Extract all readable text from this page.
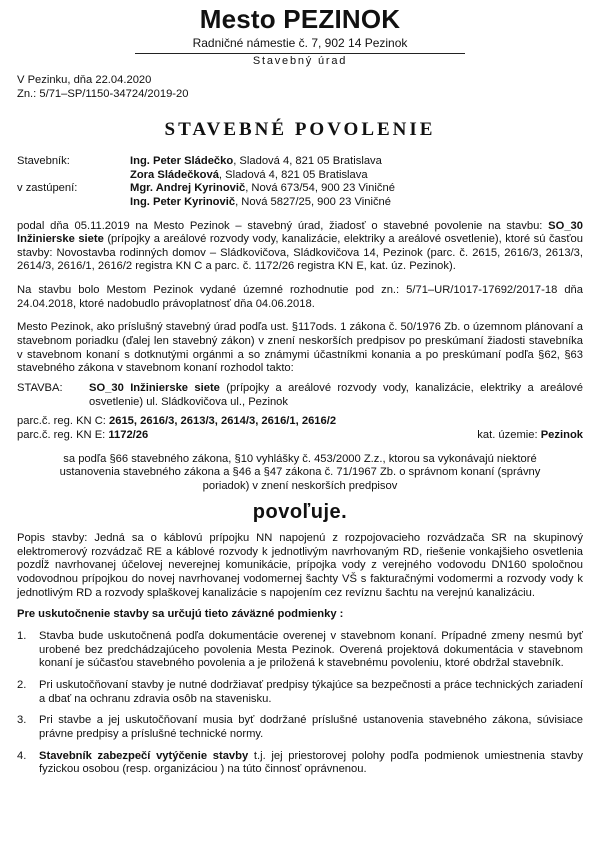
Mesto PEZINOK
Radničné námestie č. 7, 902 14 Pezinok
Stavebný úrad
V Pezinku, dňa 22.04.2020
Zn.: 5/71–SP/1150-34724/2019-20
STAVEBNÉ POVOLENIE
Stavebník:	Ing. Peter Sládečko, Sladová 4, 821 05 Bratislava
Zora Sládečková, Sladová 4, 821 05 Bratislava
v zastúpení:	Mgr. Andrej Kyrinovič, Nová 673/54, 900 23 Viničné
Ing. Peter Kyrinovič, Nová 5827/25, 900 23 Viničné
podal dňa 05.11.2019 na Mesto Pezinok – stavebný úrad, žiadosť o stavebné povolenie na stavbu: SO_30 Inžinierske siete (prípojky a areálové rozvody vody, kanalizácie, elektriky a areálové osvetlenie), ktoré sú časťou stavby: Novostavba rodinných domov – Sládkovičova, Sládkovičova 14, Pezinok (parc. č. 2615, 2616/3, 2613/3, 2614/3, 2616/1, 2616/2 registra KN C a parc. č. 1172/26 registra KN E, kat. úz. Pezinok).
Na stavbu bolo Mestom Pezinok vydané územné rozhodnutie pod zn.: 5/71–UR/1017-17692/2017-18 dňa 24.04.2018, ktoré nadobudlo právoplatnosť dňa 04.06.2018.
Mesto Pezinok, ako príslušný stavebný úrad podľa ust. §117ods. 1 zákona č. 50/1976 Zb. o územnom plánovaní a stavebnom poriadku (ďalej len stavebný zákon) v znení neskorších predpisov po preskúmaní žiadosti stavebníka v stavebnom konaní s dotknutými orgánmi a so známymi účastníkmi konania a po preskúmaní podľa §62, §63 stavebného zákona v stavebnom konaní rozhodol takto:
STAVBA:	SO_30 Inžinierske siete (prípojky a areálové rozvody vody, kanalizácie, elektriky a areálové osvetlenie) ul. Sládkovičova ul., Pezinok
parc.č. reg. KN C: 2615, 2616/3, 2613/3, 2614/3, 2616/1, 2616/2
parc.č. reg. KN E: 1172/26	kat. územie: Pezinok
sa podľa §66 stavebného zákona, §10 vyhlášky č. 453/2000 Z.z., ktorou sa vykonávajú niektoré ustanovenia stavebného zákona a §46 a §47 zákona č. 71/1967 Zb. o správnom konaní (správny poriadok) v znení neskorších predpisov
povoľuje.
Popis stavby: Jedná sa o káblovú prípojku NN napojenú z rozpojovacieho rozvádzača SR na skupinový elektromerový rozvádzač RE a káblové rozvody k jednotlivým navrhovaným RD, riešenie vonkajšieho osvetlenia pozdĺž navrhovanej účelovej neverejnej komunikácie, prípojka vody z verejného vodovodu DN160 spoločnou vodovodnou prípojkou do novej navrhovanej vodomernej šachty VŠ s fakturačnými vodomermi a rozvody vody k jednotlivým RD a rozvody splaškovej kanalizácie s napojením cez revíznu šachtu na verejnú kanalizáciu.
Pre uskutočnenie stavby sa určujú tieto záväzné podmienky :
1.	Stavba bude uskutočnená podľa dokumentácie overenej v stavebnom konaní. Prípadné zmeny nesmú byť urobené bez predchádzajúceho povolenia Mesta Pezinok. Overená projektová dokumentácia v stavebnom konaní je súčasťou stavebného povolenia a je priložená k stavebnému povoleniu, ktoré obdržal stavebník.
2.	Pri uskutočňovaní stavby je nutné dodržiavať predpisy týkajúce sa bezpečnosti a práce technických zariadení a dbať na ochranu zdravia osôb na stavenisku.
3.	Pri stavbe a jej uskutočňovaní musia byť dodržané príslušné ustanovenia stavebného zákona, súvisiace právne predpisy a príslušné technické normy.
4.	Stavebník zabezpečí vytýčenie stavby t.j. jej priestorovej polohy podľa podmienok umiestnenia stavby fyzickou osobou (resp. organizáciou ) na túto činnosť oprávnenou.
